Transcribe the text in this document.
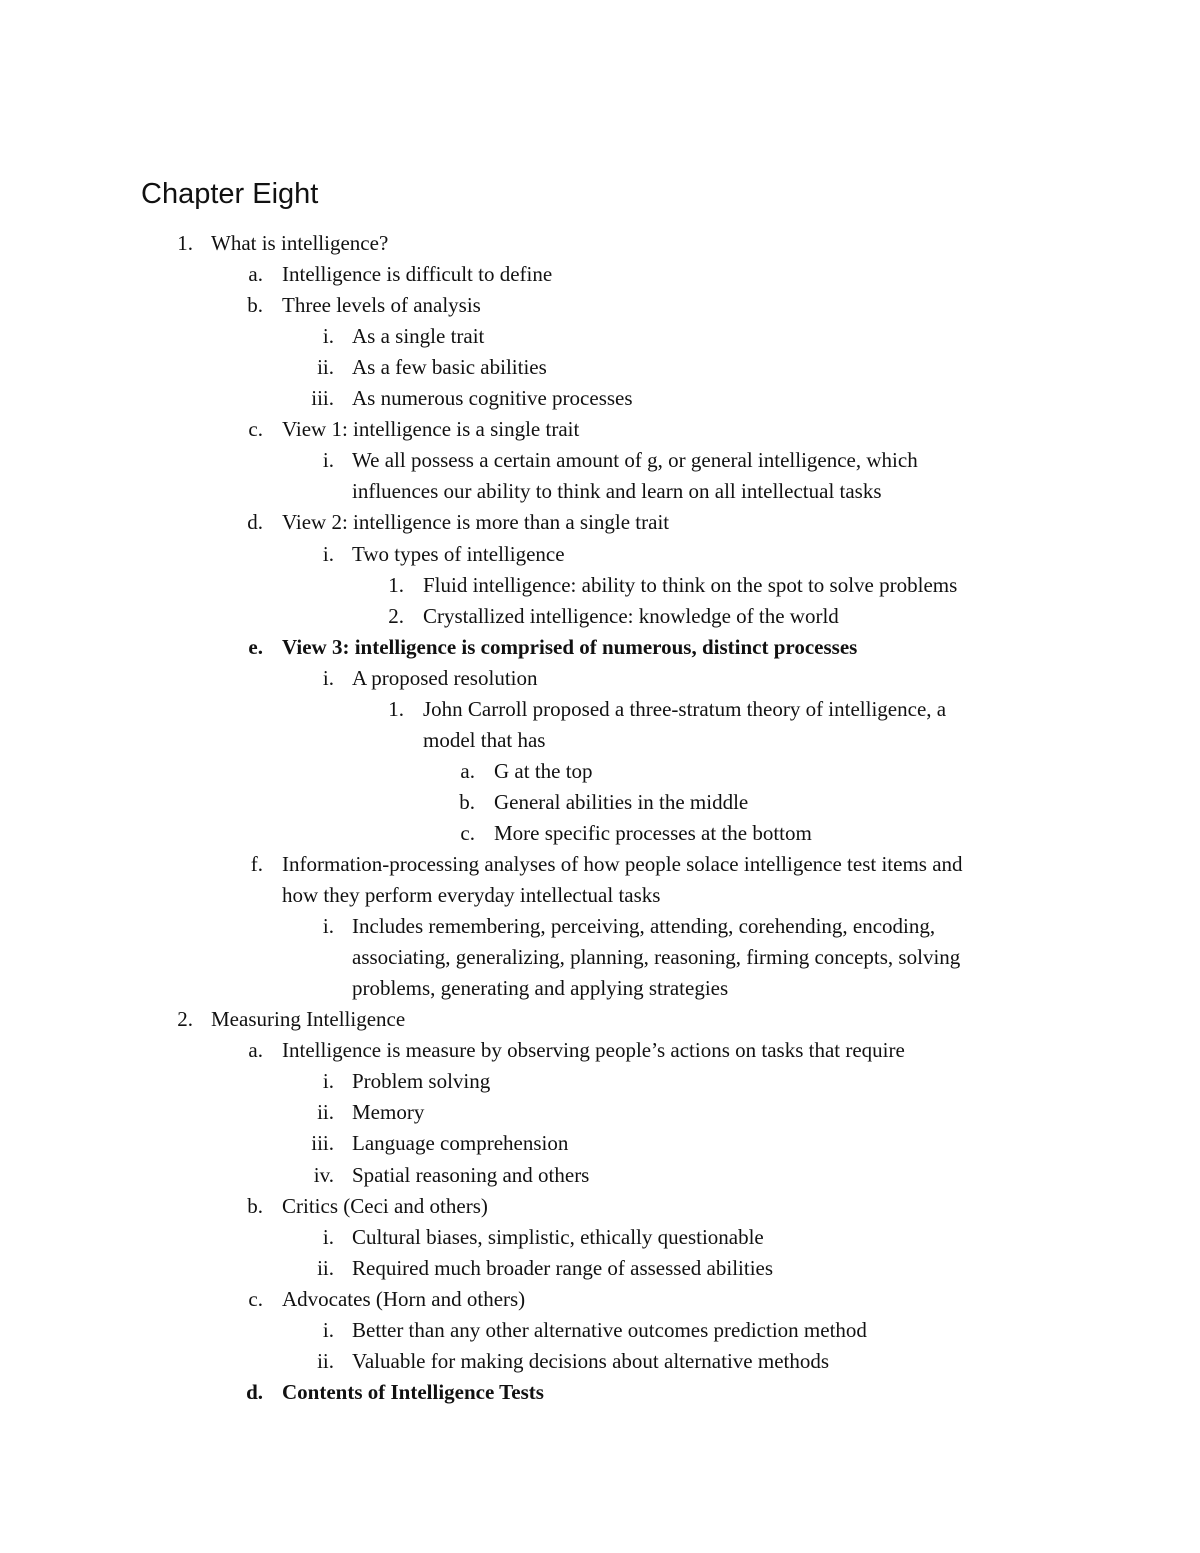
Chapter Eight
1. What is intelligence?
a. Intelligence is difficult to define
b. Three levels of analysis
i. As a single trait
ii. As a few basic abilities
iii. As numerous cognitive processes
c. View 1: intelligence is a single trait
i. We all possess a certain amount of g, or general intelligence, which
influences our ability to think and learn on all intellectual tasks
d. View 2: intelligence is more than a single trait
i. Two types of intelligence
1. Fluid intelligence: ability to think on the spot to solve problems
2. Crystallized intelligence: knowledge of the world
e. View 3: intelligence is comprised of numerous, distinct processes
i. A proposed resolution
1. John Carroll proposed a three-stratum theory of intelligence, a
model that has
a. G at the top
b. General abilities in the middle
c. More specific processes at the bottom
f. Information-processing analyses of how people solace intelligence test items and
how they perform everyday intellectual tasks
i. Includes remembering, perceiving, attending, corehending, encoding,
associating, generalizing, planning, reasoning, firming concepts, solving
problems, generating and applying strategies
2. Measuring Intelligence
a. Intelligence is measure by observing people’s actions on tasks that require
i. Problem solving
ii. Memory
iii. Language comprehension
iv. Spatial reasoning and others
b. Critics (Ceci and others)
i. Cultural biases, simplistic, ethically questionable
ii. Required much broader range of assessed abilities
c. Advocates (Horn and others)
i. Better than any other alternative outcomes prediction method
ii. Valuable for making decisions about alternative methods
d. Contents of Intelligence Tests
